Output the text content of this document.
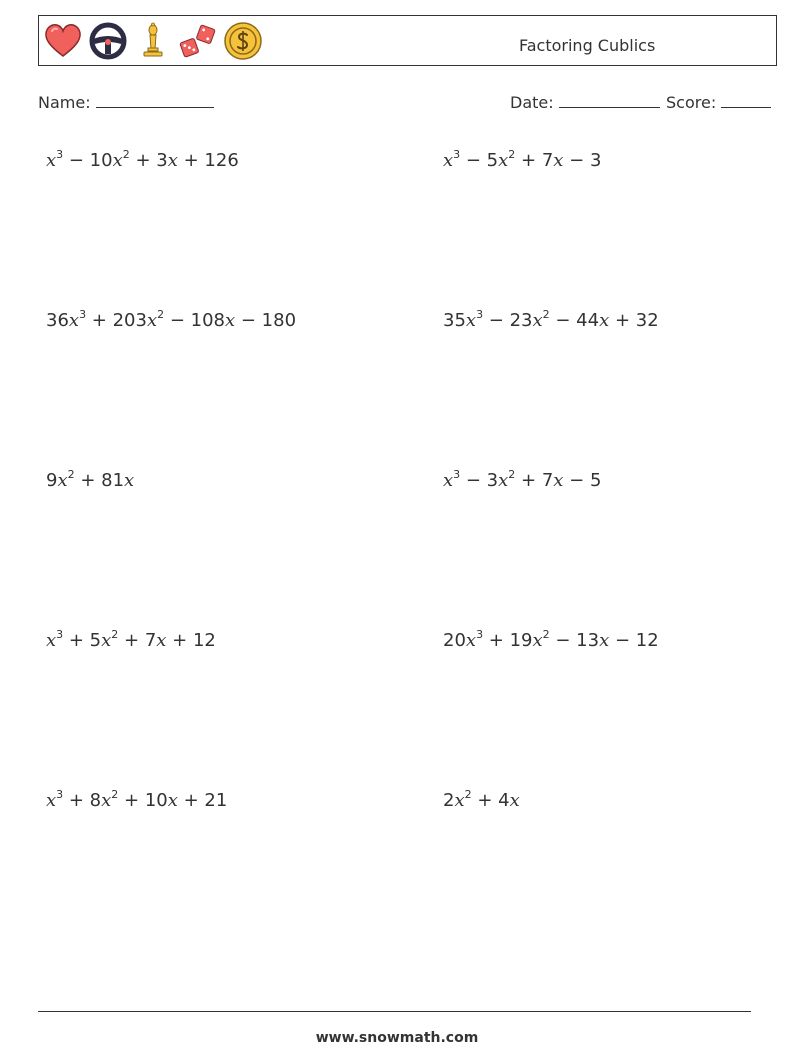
Factoring Cublics
Name:	Date:	Score:
$x^3 - 10x^2 + 3x + 126$	$x^3 - 5x^2 + 7x - 3$
$36x^3 + 203x^2 - 108x - 180$	$35x^3 - 23x^2 - 44x + 32$
$9x^2 + 81x$	$x^3 - 3x^2 + 7x - 5$
$x^3 + 5x^2 + 7x + 12$	$20x^3 + 19x^2 - 13x - 12$
$x^3 + 8x^2 + 10x + 21$	$2x^2 + 4x$
www.snowmath.com
